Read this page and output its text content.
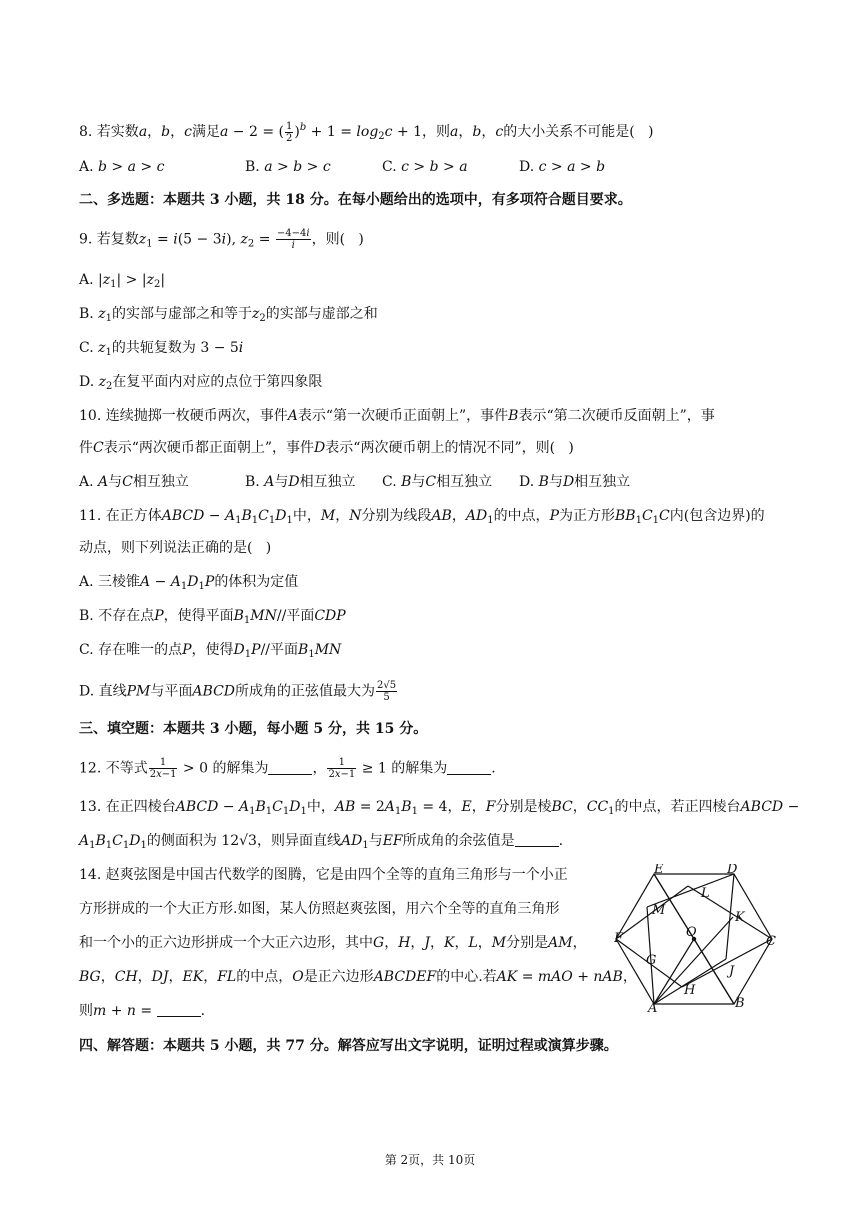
8. 若实数a，b，c满足a − 2 = ( $\frac{1}{2} )^b + 1 = \log_2c + 1$，则a，b，c的大小关系不可能是(   )
A. b > a > c	B. a > b > c	C. c > b > a	D. c > a > b
二、多选题：本题共 3 小题，共 18 分。在每小题给出的选项中，有多项符合题目要求。
9. 若复数$z_1 = i(5 - 3i)$, $z_2 = \frac{-4-4i}{i}$ ，则(   )
A. $|z_1| > |z_2|$
B. $z_1$的实部与虚部之和等于$z_2$的实部与虚部之和
C. $z_1$的共轭复数为 3 − 5i
D. $z_2$在复平面内对应的点位于第四象限
10. 连续抛掷一枚硬币两次，事件A表示“第一次硬币正面朝上”，事件B表示“第二次硬币反面朝上”，事
件C表示“两次硬币都正面朝上”，事件D表示“两次硬币朝上的情况不同”，则(   )
A. A与C相互独立	B. A与D相互独立 C. B与C相互独立 D. B与D相互独立
11. 在正方体ABCD − $A_1B_1C_1D_1$中，M，N分别为线段AB，$AD_1$的中点，P为正方形$BB_1C_1C$内(包含边界)的
动点，则下列说法正确的是(   )
A. 三棱锥$A - A_1D_1P$的体积为定值
B. 不存在点P，使得平面$B_1MN//$平面CDP
C. 存在唯一的点P，使得$D_1P//$平面$B_1MN$
D. 直线PM与平面ABCD所成角的正弦值最大为 $\frac{2√5}{5}$
三、填空题：本题共 3 小题，每小题 5 分，共 15 分。
12. 不等式 $\frac{1}{2x-1} > 0$ 的解集为	， $\frac{1}{2x-1} \ge 1$ 的解集为	.
13. 在正四棱台ABCD − $A_1B_1C_1D_1$中，AB = $2A_1B_1 = 4$，E，F分别是棱BC，$CC_1$的中点，若正四棱台ABCD −
$A_1B_1C_1D_1$的侧面积为 12√3，则异面直线$AD_1$与EF所成角的余弦值是	.
14. 赵爽弦图是中国古代数学的图腾，它是由四个全等的直角三角形与一个小正
方形拼成的一个大正方形.如图，某人仿照赵爽弦图，用六个全等的直角三角形
和一个小的正六边形拼成一个大正六边形，其中G，H，J，K，L，M分别是AM，
BG，CH，DJ，EK，FL的中点，O是正六边形ABCDEF的中心.若AK = mAO + nAB，
则m + n =	.
E	D
L
M	K
F	O
C
G
J
H
A	B
四、解答题：本题共 5 小题，共 77 分。解答应写出文字说明，证明过程或演算步骤。
第 2页，共 10页
